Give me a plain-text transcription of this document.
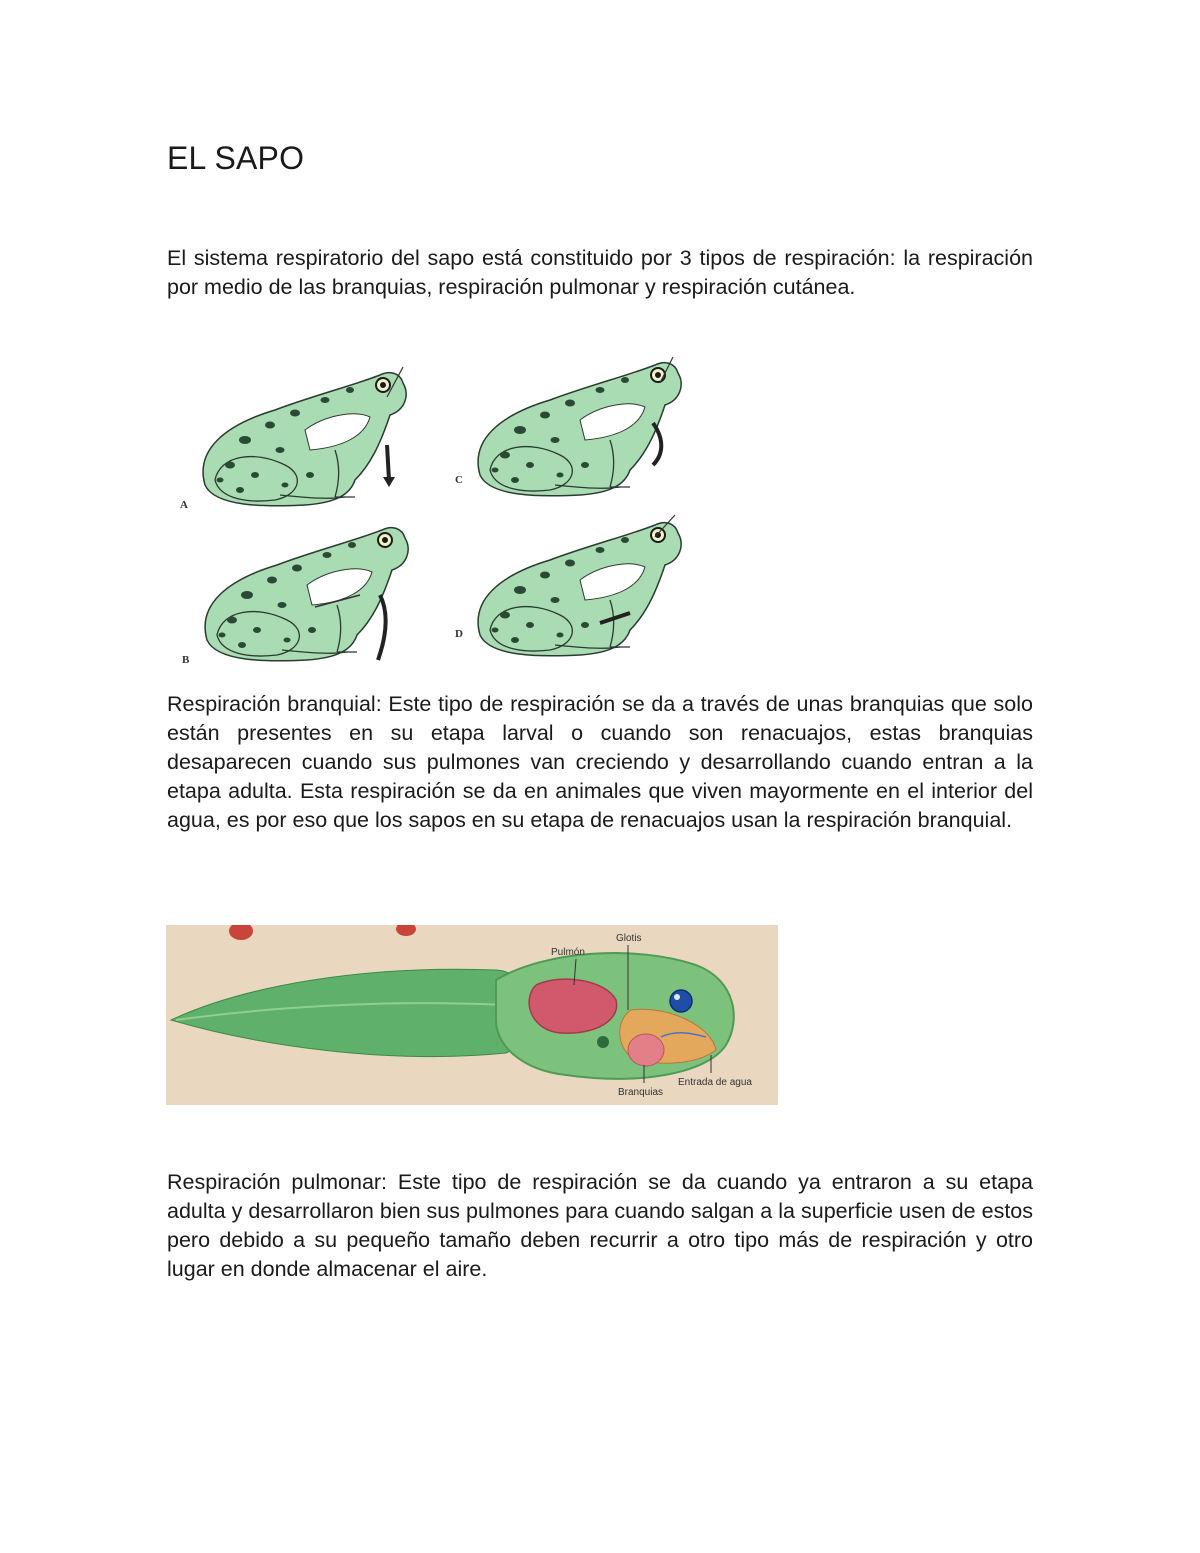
EL SAPO

El sistema respiratorio del sapo está constituido por 3 tipos de respiración: la respiración por medio de las branquias, respiración pulmonar y respiración cutánea.

A
C
B
D

Respiración branquial: Este tipo de respiración se da a través de unas branquias que solo están presentes en su etapa larval o cuando son renacuajos, estas branquias desaparecen cuando sus pulmones van creciendo y desarrollando cuando entran a la etapa adulta. Esta respiración se da en animales que viven mayormente en el interior del agua, es por eso que los sapos en su etapa de renacuajos usan la respiración branquial.

Pulmón
Glotis
Branquias
Entrada de agua

Respiración pulmonar: Este tipo de respiración se da cuando ya entraron a su etapa adulta y desarrollaron bien sus pulmones para cuando salgan a la superficie usen de estos pero debido a su pequeño tamaño deben recurrir a otro tipo más de respiración y otro lugar en donde almacenar el aire.
